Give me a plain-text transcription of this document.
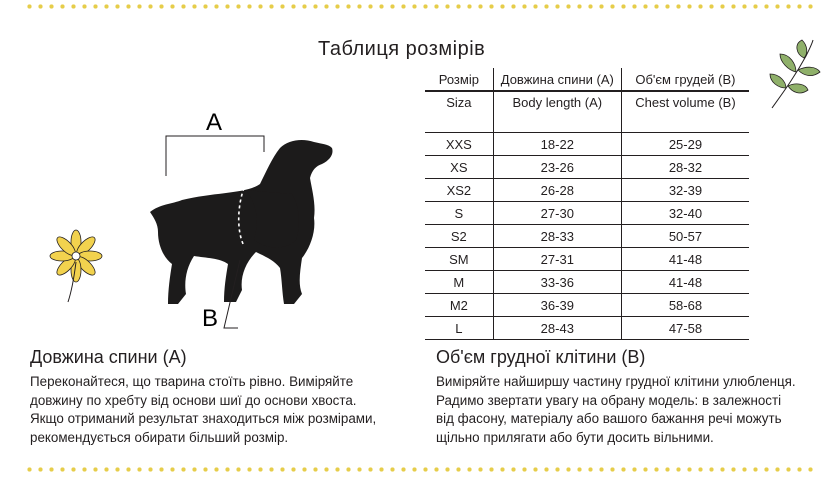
Таблиця розмірів
A
B
Розмір	Довжина спини (А)	Об'єм грудей (В)
Siza	Body length (A)	Chest volume (B)

XXS	18-22	25-29
XS	23-26	28-32
XS2	26-28	32-39
S	27-30	32-40
S2	28-33	50-57
SM	27-31	41-48
M	33-36	41-48
M2	36-39	58-68
L	28-43	47-58
Довжина спини (А)
Переконайтеся, що тварина стоїть рівно. Виміряйте
довжину по хребту від основи шиї до основи хвоста.
Якщо отриманий результат знаходиться між розмірами,
рекомендується обирати більший розмір.
Об'єм грудної клітини (В)
Виміряйте найширшу частину грудної клітини улюбленця.
Радимо звертати увагу на обрану модель: в залежності
від фасону, матеріалу або вашого бажання речі можуть
щільно прилягати або бути досить вільними.
